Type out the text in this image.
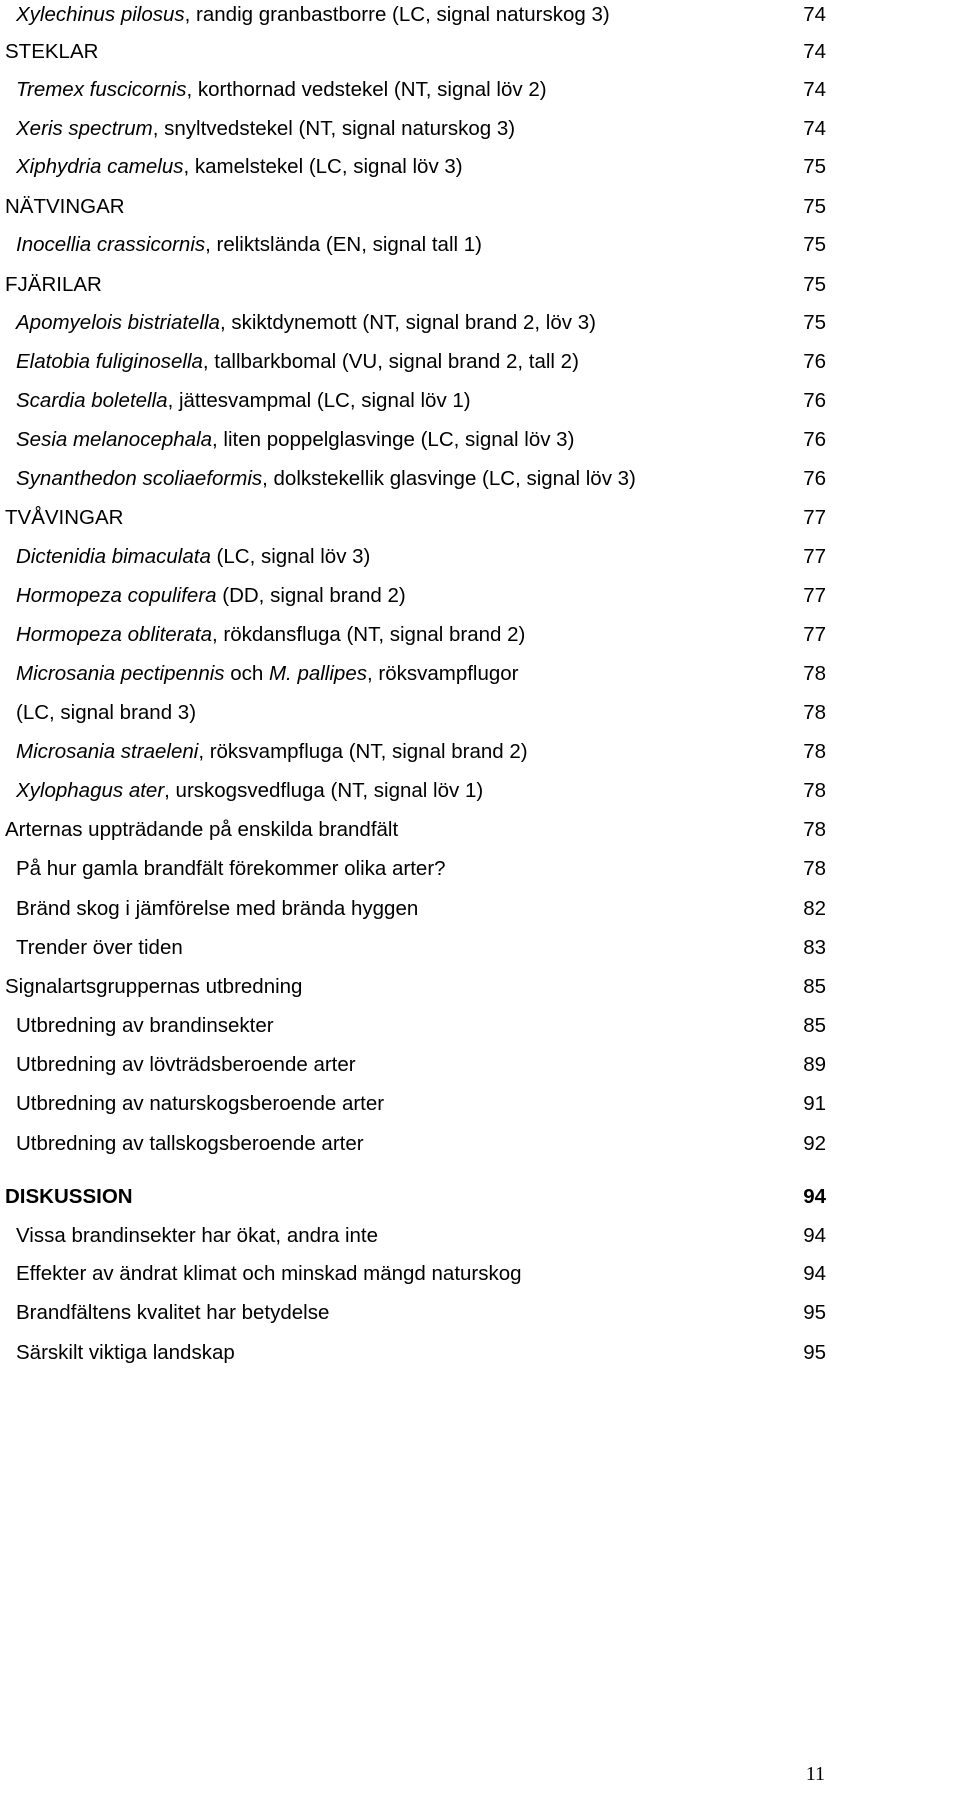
Xylechinus pilosus, randig granbastborre (LC, signal naturskog 3)	74
STEKLAR	74
Tremex fuscicornis, korthornad vedstekel (NT, signal löv 2)	74
Xeris spectrum, snyltvedstekel (NT, signal naturskog 3)	74
Xiphydria camelus, kamelstekel (LC, signal löv 3)	75
NÄTVINGAR	75
Inocellia crassicornis, reliktslända (EN, signal tall 1)	75
FJÄRILAR	75
Apomyelois bistriatella, skiktdynemott (NT, signal brand 2, löv 3)	75
Elatobia fuliginosella, tallbarkbomal (VU, signal brand 2, tall 2)	76
Scardia boletella, jättesvampmal (LC, signal löv 1)	76
Sesia melanocephala, liten poppelglasvinge (LC, signal löv 3)	76
Synanthedon scoliaeformis, dolkstekellik glasvinge (LC, signal löv 3)	76
TVÅVINGAR	77
Dictenidia bimaculata (LC, signal löv 3)	77
Hormopeza copulifera (DD, signal brand 2)	77
Hormopeza obliterata, rökdansfluga (NT, signal brand 2)	77
Microsania pectipennis och M. pallipes, röksvampflugor	78
(LC, signal brand 3)	78
Microsania straeleni, röksvampfluga (NT, signal brand 2)	78
Xylophagus ater, urskogsvedfluga (NT, signal löv 1)	78
Arternas uppträdande på enskilda brandfält	78
På hur gamla brandfält förekommer olika arter?	78
Bränd skog i jämförelse med brända hyggen	82
Trender över tiden	83
Signalartsgruppernas utbredning	85
Utbredning av brandinsekter	85
Utbredning av lövträdsberoende arter	89
Utbredning av naturskogsberoende arter	91
Utbredning av tallskogsberoende arter	92
DISKUSSION	94
Vissa brandinsekter har ökat, andra inte	94
Effekter av ändrat klimat och minskad mängd naturskog	94
Brandfältens kvalitet har betydelse	95
Särskilt viktiga landskap	95
11
